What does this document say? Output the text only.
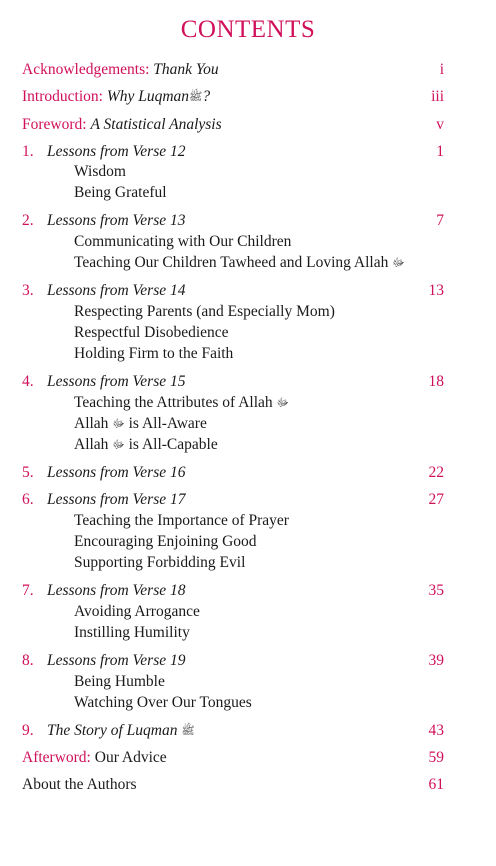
CONTENTS
Acknowledgements: Thank You	i
Introduction: Why Luqmanﷺ?	iii
Foreword: A Statistical Analysis	v
1. Lessons from Verse 12	1
Wisdom
Being Grateful
2. Lessons from Verse 13	7
Communicating with Our Children
Teaching Our Children Tawheed and Loving Allah ﷻ
3. Lessons from Verse 14	13
Respecting Parents (and Especially Mom)
Respectful Disobedience
Holding Firm to the Faith
4. Lessons from Verse 15	18
Teaching the Attributes of Allah ﷻ
Allah ﷻ is All-Aware
Allah ﷻ is All-Capable
5. Lessons from Verse 16	22
6. Lessons from Verse 17	27
Teaching the Importance of Prayer
Encouraging Enjoining Good
Supporting Forbidding Evil
7. Lessons from Verse 18	35
Avoiding Arrogance
Instilling Humility
8. Lessons from Verse 19	39
Being Humble
Watching Over Our Tongues
9. The Story of Luqman ﷺ	43
Afterword: Our Advice	59
About the Authors	61
